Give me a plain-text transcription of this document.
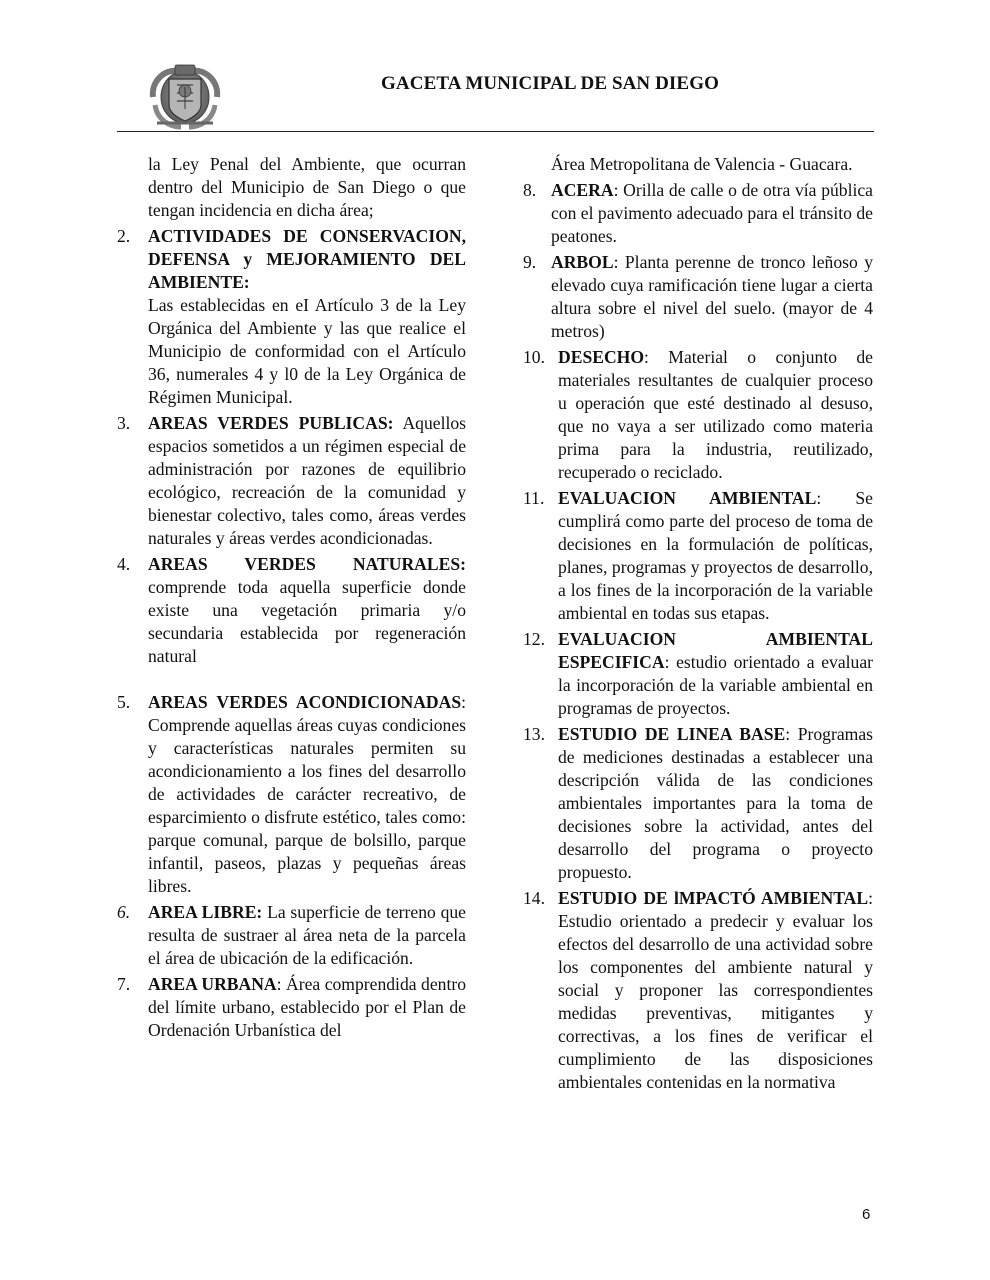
GACETA MUNICIPAL DE SAN DIEGO
la Ley Penal del Ambiente, que ocurran dentro del Municipio de San Diego o que tengan incidencia en dicha área;
2.	ACTIVIDADES DE CONSERVACION, DEFENSA y MEJORAMIENTO DEL AMBIENTE:
Las establecidas en eI Artículo 3 de la Ley Orgánica del Ambiente y las que realice el Municipio de conformidad con el Artículo 36, numerales 4 y l0 de la Ley Orgánica de Régimen Municipal.
3.	AREAS VERDES PUBLICAS: Aquellos espacios sometidos a un régimen especial de administración por razones de equilibrio ecológico, recreación de la comunidad y bienestar colectivo, tales como, áreas verdes naturales y áreas verdes acondicionadas.
4.	AREAS VERDES NATURALES: comprende toda aquella superficie donde existe una vegetación primaria y/o secundaria establecida por regeneración natural
5.	AREAS VERDES ACONDICIONADAS: Comprende aquellas áreas cuyas condiciones y características naturales permiten su acondicionamiento a los fines del desarrollo de actividades de carácter recreativo, de esparcimiento o disfrute estético, tales como: parque comunal, parque de bolsillo, parque infantil, paseos, plazas y pequeñas áreas libres.
6.	AREA LIBRE: La superficie de terreno que resulta de sustraer al área neta de la parcela el área de ubicación de la edificación.
7.	AREA URBANA: Área comprendida dentro del límite urbano, establecido por el Plan de Ordenación Urbanística del
Área Metropolitana de Valencia - Guacara.
8. ACERA: Orilla de calle o de otra vía pública con el pavimento adecuado para el tránsito de peatones.
9. ARBOL: Planta perenne de tronco leñoso y elevado cuya ramificación tiene lugar a cierta altura sobre el nivel del suelo. (mayor de 4 metros)
10. DESECHO: Material o conjunto de materiales resultantes de cualquier proceso u operación que esté destinado al desuso, que no vaya a ser utilizado como materia prima para la industria, reutilizado, recuperado o reciclado.
11. EVALUACION AMBIENTAL: Se cumplirá como parte del proceso de toma de decisiones en la formulación de políticas, planes, programas y proyectos de desarrollo, a los fines de la incorporación de la variable ambiental en todas sus etapas.
12. EVALUACION AMBIENTAL ESPECIFICA: estudio orientado a evaluar la incorporación de la variable ambiental en programas de proyectos.
13. ESTUDIO DE LINEA BASE: Programas de mediciones destinadas a establecer una descripción válida de las condiciones ambientales importantes para la toma de decisiones sobre la actividad, antes del desarrollo del programa o proyecto propuesto.
14. ESTUDIO DE lMPACTÓ AMBIENTAL: Estudio orientado a predecir y evaluar los efectos del desarrollo de una actividad sobre los componentes del ambiente natural y social y proponer las correspondientes medidas preventivas, mitigantes y correctivas, a los fines de verificar el cumplimiento de las disposiciones ambientales contenidas en la normativa
6
